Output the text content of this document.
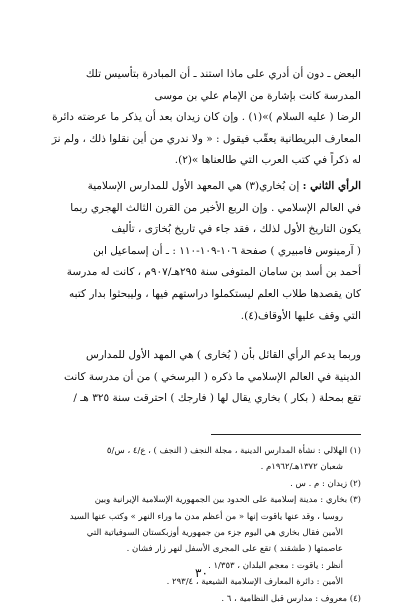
البعض ـ دون أن أدري على ماذا استند ـ أن المبادرة بتأسيس تلك
المدرسة كانت بإشارة من الإمام علي بن موسى
الرضا ( عليه السلام )»(١) . وإن كان زيدان بعد أن يذكر ما عرضته دائرة
المعارف البريطانية يعقّب فيقول : « ولا ندري من أين نقلوا ذلك ، ولم نرَ
له ذكراً في كتب العرب التي طالعناها »(٢).

الرأي الثاني : إن بُخاري(٣) هي المعهد الأول للمدارس الإسلامية
في العالم الإسلامي . وإن الربع الأخير من القرن الثالث الهجري ربما
يكون التاريخ الأول لذلك ، فقد جاء في تاريخ بُخارَى ، تأليف
( آرمينوس فامبيري ) صفحة ١٠٦-١٠٩-١١٠ : ـ أن إسماعيل ابن
أحمد بن أسد بن سامان المتوفى سنة ٢٩٥هـ/٩٠٧م ، كانت له مدرسة
كان يقصدها طلاب العلم ليستكملوا دراستهم فيها ، وليبحثوا بدار كتبه
التي وقف عليها الأوقاف(٤).

وربما يدعم الرأي القائل بأن ( بُخارى ) هي المهد الأول للمدارس
الدينية في العالم الإسلامي ما ذكره ( البرسخي ) من أن مدرسة كانت
تقع بمحلة ( بكار ) بخاري يقال لها ( فارجك ) احترقت سنة ٣٢٥ هـ /

(١) الهلالي : نشأة المدارس الدينية ، مجلة النجف ( النجف ) ، ع/٤ ، س/٥
شعبان ١٣٧٢هـ/١٩٦٢م .
(٢) زيدان : م . س .
(٣) بخاري : مدينة إسلامية على الحدود بين الجمهورية الإسلامية الإيرانية وبين
روسيا ، وقد عنها ياقوت إنها « من أعظم مدن ما وراء النهر » وكتب عنها السيد
الأمين فقال بخاري هي اليوم جزء من جمهورية أوزبكستان السوفياتية التي
عاصمتها ( طشقند ) تقع على المجرى الأسفل لنهر زار فشان .
أنظر : ياقوت : معجم البلدان ، ١/٣٥٣ .
الأمين : دائرة المعارف الإسلامية الشيعية ، ٢٩٣/٤ .
(٤) معروف : مدارس قبل النظامية ، ٦ .
٣٠
